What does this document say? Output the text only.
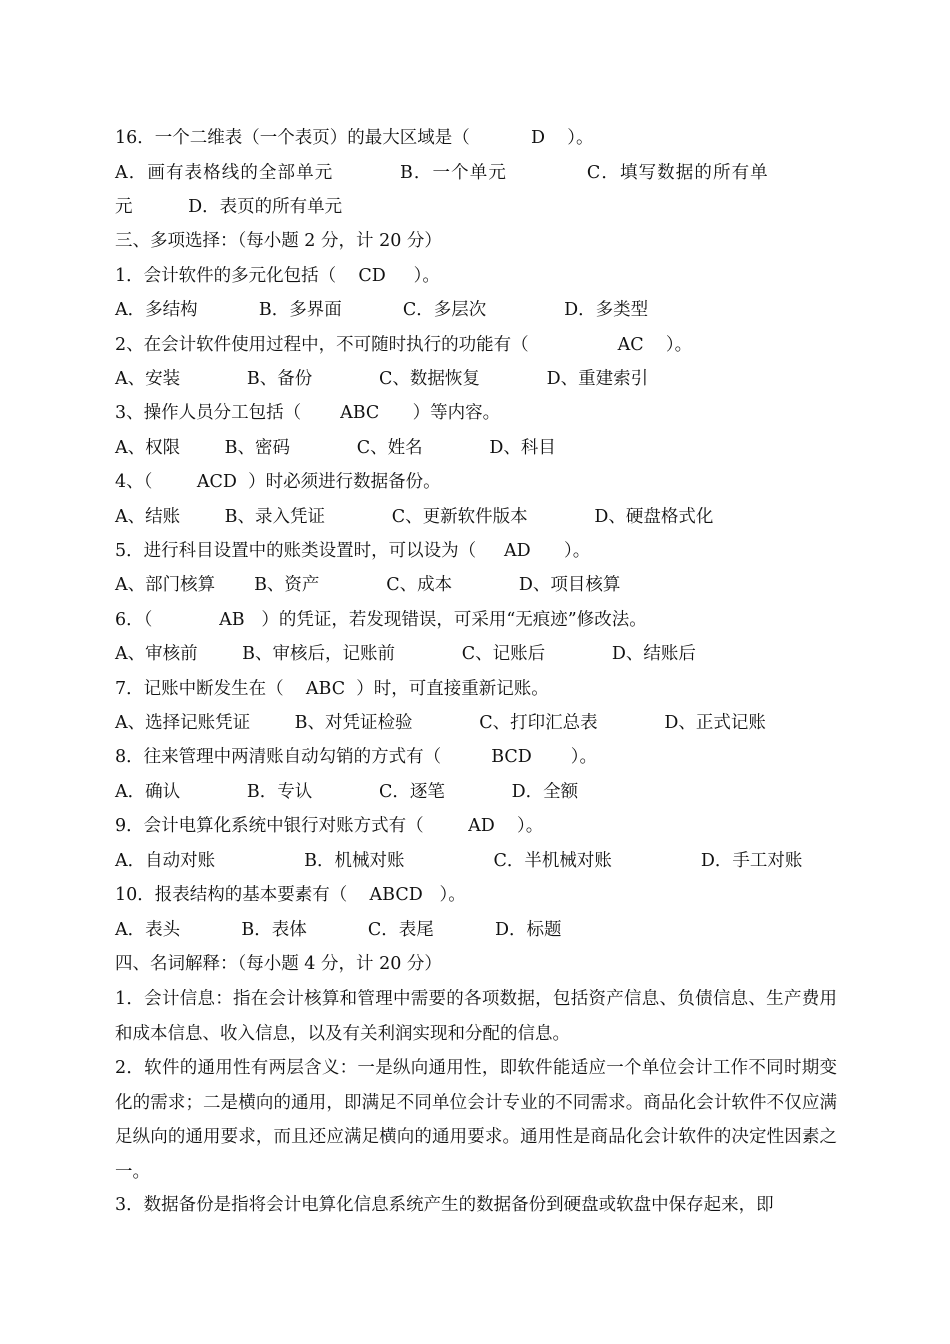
16．一个二维表（一个表页）的最大区域是（           D    ）。
A．画有表格线的全部单元          B．一个单元            C．填写数据的所有单
元          D．表页的所有单元
三、多项选择：（每小题 2 分，计 20 分）
1．会计软件的多元化包括（    CD     ）。
A．多结构           B．多界面           C．多层次              D．多类型
2、在会计软件使用过程中，不可随时执行的功能有（                AC    ）。
A、安装            B、备份            C、数据恢复            D、重建索引
3、操作人员分工包括（       ABC      ）等内容。
A、权限        B、密码            C、姓名            D、科目
4、（        ACD  ）时必须进行数据备份。
A、结账        B、录入凭证            C、更新软件版本            D、硬盘格式化
5．进行科目设置中的账类设置时，可以设为（     AD      ）。
A、部门核算       B、资产            C、成本            D、项目核算
6．（            AB   ）的凭证，若发现错误，可采用“无痕迹”修改法。
A、审核前        B、审核后，记账前            C、记账后            D、结账后
7．记账中断发生在（    ABC  ）时，可直接重新记账。
A、选择记账凭证        B、对凭证检验            C、打印汇总表            D、正式记账
8．往来管理中两清账自动勾销的方式有（         BCD       ）。
A．确认            B．专认            C．逐笔            D．全额
9．会计电算化系统中银行对账方式有（        AD    ）。
A．自动对账                B．机械对账                C．半机械对账                D．手工对账
10．报表结构的基本要素有（    ABCD   ）。
A．表头           B．表体           C．表尾           D．标题
四、名词解释：（每小题 4 分，计 20 分）
1．会计信息：指在会计核算和管理中需要的各项数据，包括资产信息、负债信息、生产费用和成本信息、收入信息，以及有关利润实现和分配的信息。
2．软件的通用性有两层含义：一是纵向通用性，即软件能适应一个单位会计工作不同时期变化的需求；二是横向的通用，即满足不同单位会计专业的不同需求。商品化会计软件不仅应满足纵向的通用要求，而且还应满足横向的通用要求。通用性是商品化会计软件的决定性因素之一。
3．数据备份是指将会计电算化信息系统产生的数据备份到硬盘或软盘中保存起来，即
